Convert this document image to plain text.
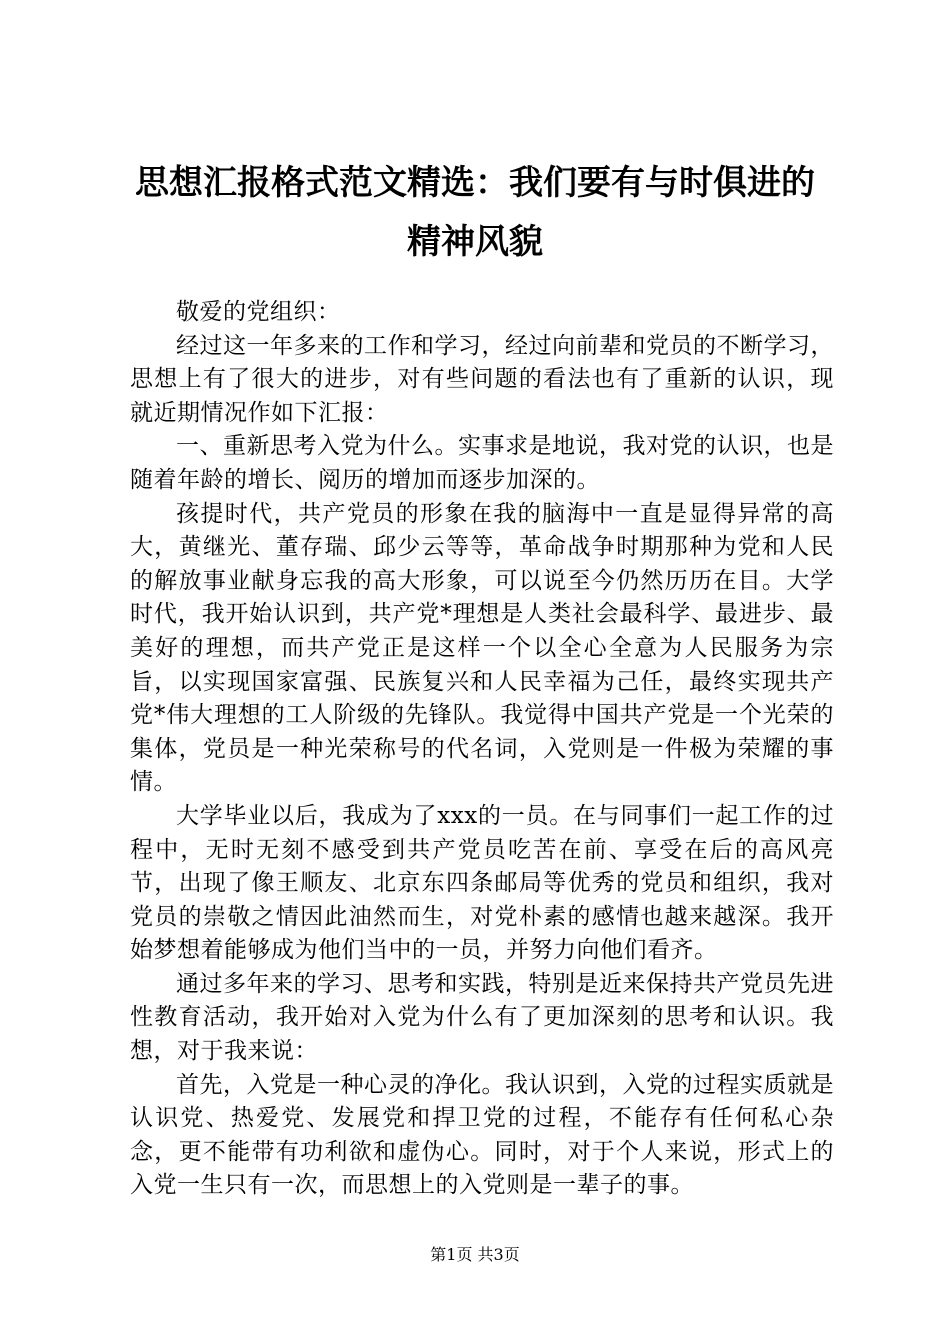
思想汇报格式范文精选：我们要有与时俱进的
精神风貌

敬爱的党组织：

经过这一年多来的工作和学习，经过向前辈和党员的不断学习，思想上有了很大的进步，对有些问题的看法也有了重新的认识，现就近期情况作如下汇报：

一、重新思考入党为什么。实事求是地说，我对党的认识，也是随着年龄的增长、阅历的增加而逐步加深的。

孩提时代，共产党员的形象在我的脑海中一直是显得异常的高大，黄继光、董存瑞、邱少云等等，革命战争时期那种为党和人民的解放事业献身忘我的高大形象，可以说至今仍然历历在目。大学时代，我开始认识到，共产党*理想是人类社会最科学、最进步、最美好的理想，而共产党正是这样一个以全心全意为人民服务为宗旨，以实现国家富强、民族复兴和人民幸福为己任，最终实现共产党*伟大理想的工人阶级的先锋队。我觉得中国共产党是一个光荣的集体，党员是一种光荣称号的代名词，入党则是一件极为荣耀的事情。

大学毕业以后，我成为了xxx的一员。在与同事们一起工作的过程中，无时无刻不感受到共产党员吃苦在前、享受在后的高风亮节，出现了像王顺友、北京东四条邮局等优秀的党员和组织，我对党员的崇敬之情因此油然而生，对党朴素的感情也越来越深。我开始梦想着能够成为他们当中的一员，并努力向他们看齐。

通过多年来的学习、思考和实践，特别是近来保持共产党员先进性教育活动，我开始对入党为什么有了更加深刻的思考和认识。我想，对于我来说：

首先，入党是一种心灵的净化。我认识到，入党的过程实质就是认识党、热爱党、发展党和捍卫党的过程，不能存有任何私心杂念，更不能带有功利欲和虚伪心。同时，对于个人来说，形式上的入党一生只有一次，而思想上的入党则是一辈子的事。

第1页 共3页
